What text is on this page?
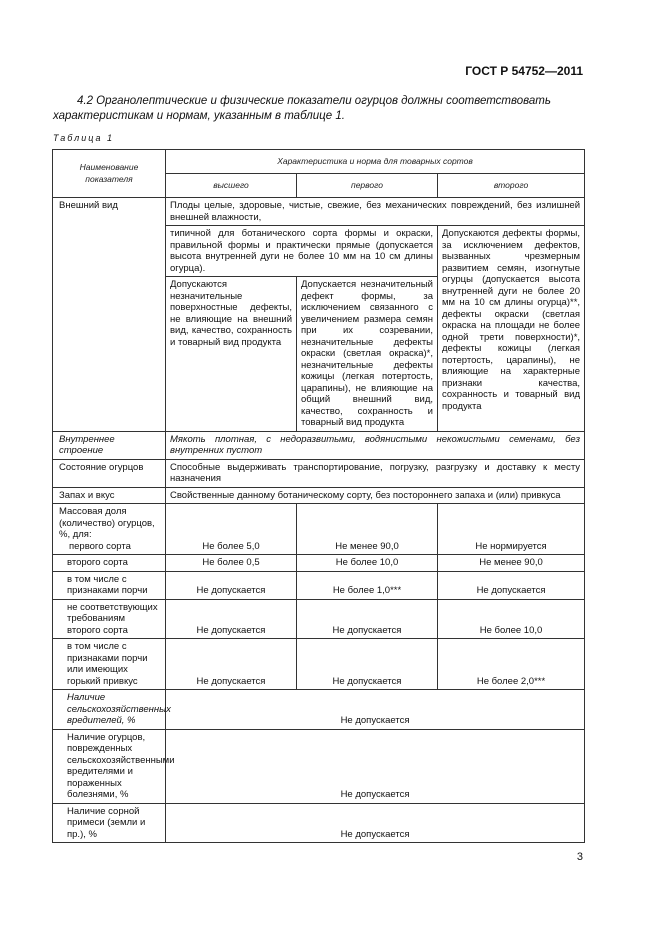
ГОСТ Р 54752—2011
4.2 Органолептические и физические показатели огурцов должны соответствовать характеристикам и нормам, указанным в таблице 1.
Таблица 1
Наименование показателя	Характеристика и норма для товарных сортов		
	высшего	первого	второго
Внешний вид	Плоды целые, здоровые, чистые, свежие, без механических повреждений, без излишней внешней влажности,		
	типичной для ботанического сорта формы и окраски, правильной формы и практически прямые (допускается высота внутренней дуги не более 10 мм на 10 см длины огурца).		Допускаются дефекты формы, за исключением дефектов, вызванных чрезмерным развитием семян, изогнутые огурцы (допускается высота внутренней дуги не более 20 мм на 10 см длины огурца)**, дефекты окраски (светлая окраска на площади не более одной трети поверхности)*, дефекты кожицы (легкая потертость, царапины), не влияющие на характерные признаки качества, сохранность и товарный вид продукта
	Допускаются незначительные поверхностные дефекты, не влияющие на внешний вид, качество, сохранность и товарный вид продукта	Допускается незначительный дефект формы, за исключением связанного с увеличением размера семян при их созревании, незначительные дефекты окраски (светлая окраска)*, незначительные дефекты кожицы (легкая потертость, царапины), не влияющие на общий внешний вид, качество, сохранность и товарный вид продукта	
Внутреннее строение	Мякоть плотная, с недоразвитыми, водянистыми некожистыми семенами, без внутренних пустот		
Состояние огурцов	Способные выдерживать транспортирование, погрузку, разгрузку и доставку к месту назначения		
Запах и вкус	Свойственные данному ботаническому сорту, без постороннего запаха и (или) привкуса		

Массовая доля (количество) огурцов, %, для:
первого сорта	Не более 5,0	Не менее 90,0	Не нормируется
второго сорта	Не более 0,5	Не более 10,0	Не менее 90,0
в том числе с признаками порчи	Не допускается	Не более 1,0***	Не допускается
не соответствующих требованиям второго сорта	Не допускается	Не допускается	Не более 10,0
в том числе с признаками порчи или имеющих горький привкус	Не допускается	Не допускается	Не более 2,0***
Наличие сельскохозяйственных вредителей, %	Не допускается		
Наличие огурцов, поврежденных сельскохозяйственными вредителями и пораженных болезнями, %	Не допускается		
Наличие сорной примеси (земли и пр.), %	Не допускается		
3
